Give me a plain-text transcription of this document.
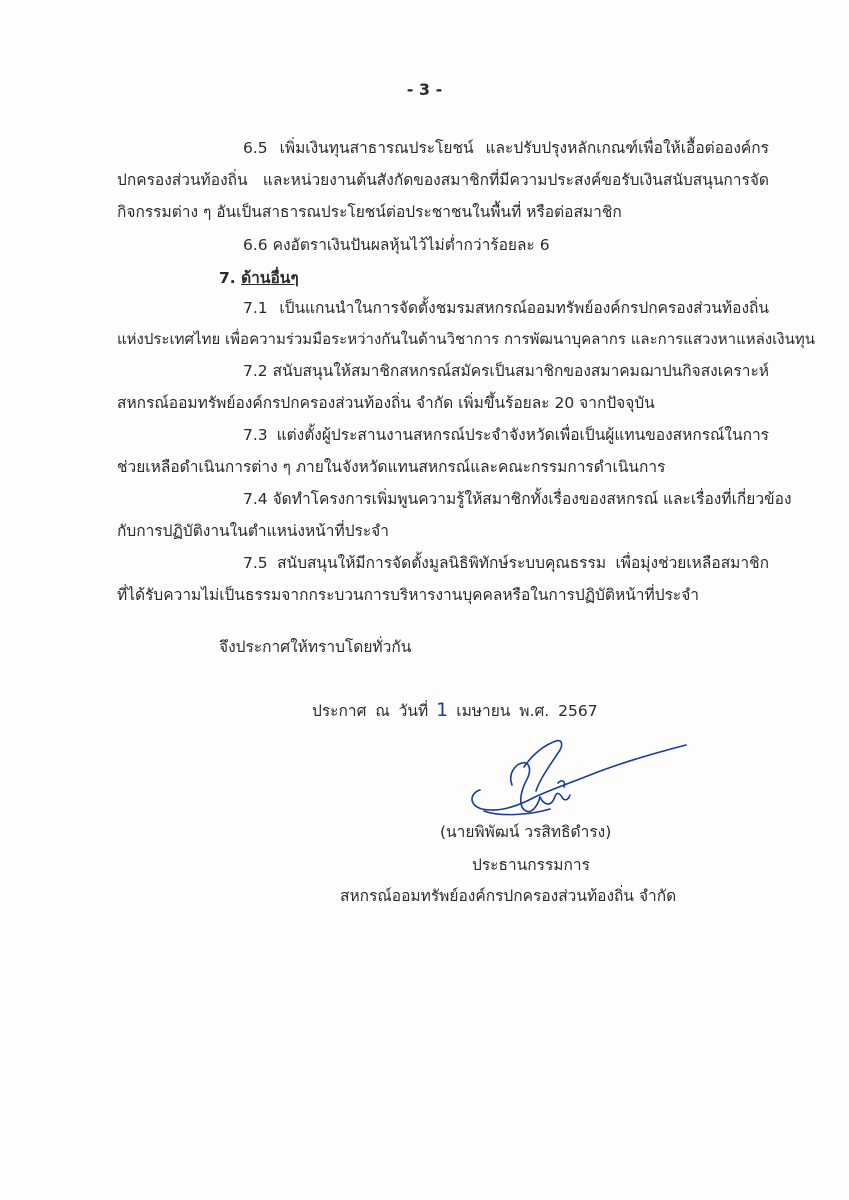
- 3 -
6.5 เพิ่มเงินทุนสาธารณประโยชน์ และปรับปรุงหลักเกณฑ์เพื่อให้เอื้อต่อองค์กร
ปกครองส่วนท้องถิ่น และหน่วยงานต้นสังกัดของสมาชิกที่มีความประสงค์ขอรับเงินสนับสนุนการจัด
กิจกรรมต่าง ๆ อันเป็นสาธารณประโยชน์ต่อประชาชนในพื้นที่ หรือต่อสมาชิก
6.6 คงอัตราเงินปันผลหุ้นไว้ไม่ต่ำกว่าร้อยละ 6
7. ด้านอื่นๆ
7.1 เป็นแกนนำในการจัดตั้งชมรมสหกรณ์ออมทรัพย์องค์กรปกครองส่วนท้องถิ่น
แห่งประเทศไทย เพื่อความร่วมมือระหว่างกันในด้านวิชาการ การพัฒนาบุคลากร และการแสวงหาแหล่งเงินทุน
7.2 สนับสนุนให้สมาชิกสหกรณ์สมัครเป็นสมาชิกของสมาคมฌาปนกิจสงเคราะห์
สหกรณ์ออมทรัพย์องค์กรปกครองส่วนท้องถิ่น จำกัด เพิ่มขึ้นร้อยละ 20 จากปัจจุบัน
7.3 แต่งตั้งผู้ประสานงานสหกรณ์ประจำจังหวัดเพื่อเป็นผู้แทนของสหกรณ์ในการ
ช่วยเหลือดำเนินการต่าง ๆ ภายในจังหวัดแทนสหกรณ์และคณะกรรมการดำเนินการ
7.4 จัดทำโครงการเพิ่มพูนความรู้ให้สมาชิกทั้งเรื่องของสหกรณ์ และเรื่องที่เกี่ยวข้อง
กับการปฏิบัติงานในตำแหน่งหน้าที่ประจำ
7.5 สนับสนุนให้มีการจัดตั้งมูลนิธิพิทักษ์ระบบคุณธรรม เพื่อมุ่งช่วยเหลือสมาชิก
ที่ได้รับความไม่เป็นธรรมจากกระบวนการบริหารงานบุคคลหรือในการปฏิบัติหน้าที่ประจำ
จึงประกาศให้ทราบโดยทั่วกัน
ประกาศ ณ วันที่ 1 เมษายน พ.ศ. 2567
(นายพิพัฒน์ วรสิทธิดำรง)
ประธานกรรมการ
สหกรณ์ออมทรัพย์องค์กรปกครองส่วนท้องถิ่น จำกัด
